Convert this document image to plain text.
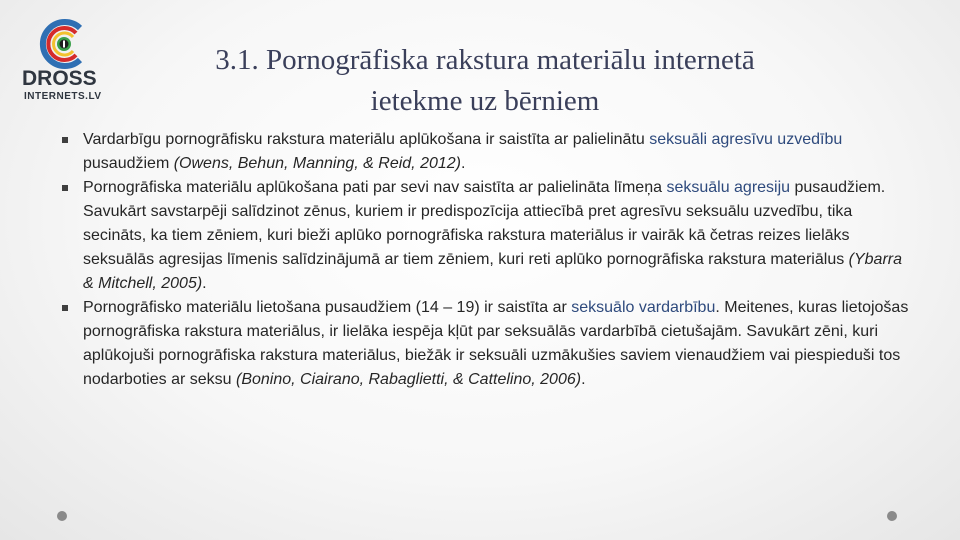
DROSS
INTERNETS.LV
3.1. Pornogrāfiska rakstura materiālu internetā
ietekme uz bērniem
Vardarbīgu pornogrāfisku rakstura materiālu aplūkošana ir saistīta ar palielinātu seksuāli agresīvu uzvedību pusaudžiem (Owens, Behun, Manning, & Reid, 2012).
Pornogrāfiska materiālu aplūkošana pati par sevi nav saistīta ar palielināta līmeņa seksuālu agresiju pusaudžiem. Savukārt savstarpēji salīdzinot zēnus, kuriem ir predispozīcija attiecībā pret agresīvu seksuālu uzvedību, tika secināts, ka tiem zēniem, kuri bieži aplūko pornogrāfiska rakstura materiālus ir vairāk kā četras reizes lielāks seksuālās agresijas līmenis salīdzinājumā ar tiem zēniem, kuri reti aplūko pornogrāfiska rakstura materiālus (Ybarra & Mitchell, 2005).
Pornogrāfisko materiālu lietošana pusaudžiem (14 – 19) ir saistīta ar seksuālo vardarbību. Meitenes, kuras lietojošas pornogrāfiska rakstura materiālus, ir lielāka iespēja kļūt par seksuālās vardarbībā cietušajām. Savukārt zēni, kuri aplūkojuši pornogrāfiska rakstura materiālus, biežāk ir seksuāli uzmākušies saviem vienaudžiem vai piespieduši tos nodarboties ar seksu (Bonino, Ciairano, Rabaglietti, & Cattelino, 2006).
